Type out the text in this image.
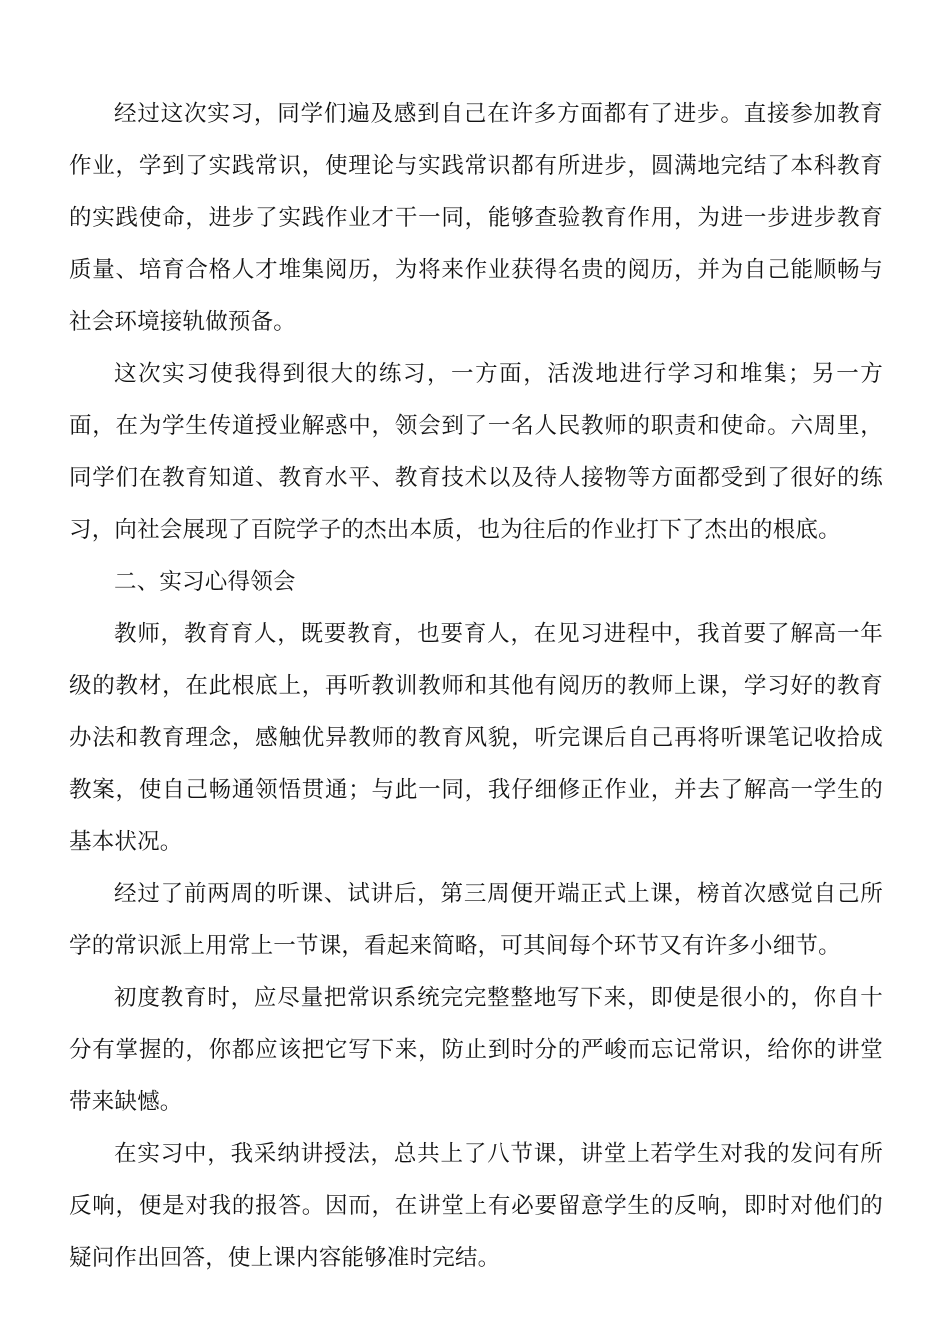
经过这次实习，同学们遍及感到自己在许多方面都有了进步。直接参加教育作业，学到了实践常识，使理论与实践常识都有所进步，圆满地完结了本科教育的实践使命，进步了实践作业才干一同，能够查验教育作用，为进一步进步教育质量、培育合格人才堆集阅历，为将来作业获得名贵的阅历，并为自己能顺畅与社会环境接轨做预备。

这次实习使我得到很大的练习，一方面，活泼地进行学习和堆集；另一方面，在为学生传道授业解惑中，领会到了一名人民教师的职责和使命。六周里，同学们在教育知道、教育水平、教育技术以及待人接物等方面都受到了很好的练习，向社会展现了百院学子的杰出本质，也为往后的作业打下了杰出的根底。

二、实习心得领会

教师，教育育人，既要教育，也要育人，在见习进程中，我首要了解高一年级的教材，在此根底上，再听教训教师和其他有阅历的教师上课，学习好的教育办法和教育理念，感触优异教师的教育风貌，听完课后自己再将听课笔记收拾成教案，使自己畅通领悟贯通；与此一同，我仔细修正作业，并去了解高一学生的基本状况。

经过了前两周的听课、试讲后，第三周便开端正式上课，榜首次感觉自己所学的常识派上用常上一节课，看起来简略，可其间每个环节又有许多小细节。

初度教育时，应尽量把常识系统完完整整地写下来，即使是很小的，你自十分有掌握的，你都应该把它写下来，防止到时分的严峻而忘记常识，给你的讲堂带来缺憾。

在实习中，我采纳讲授法，总共上了八节课，讲堂上若学生对我的发问有所反响，便是对我的报答。因而，在讲堂上有必要留意学生的反响，即时对他们的疑问作出回答，使上课内容能够准时完结。
